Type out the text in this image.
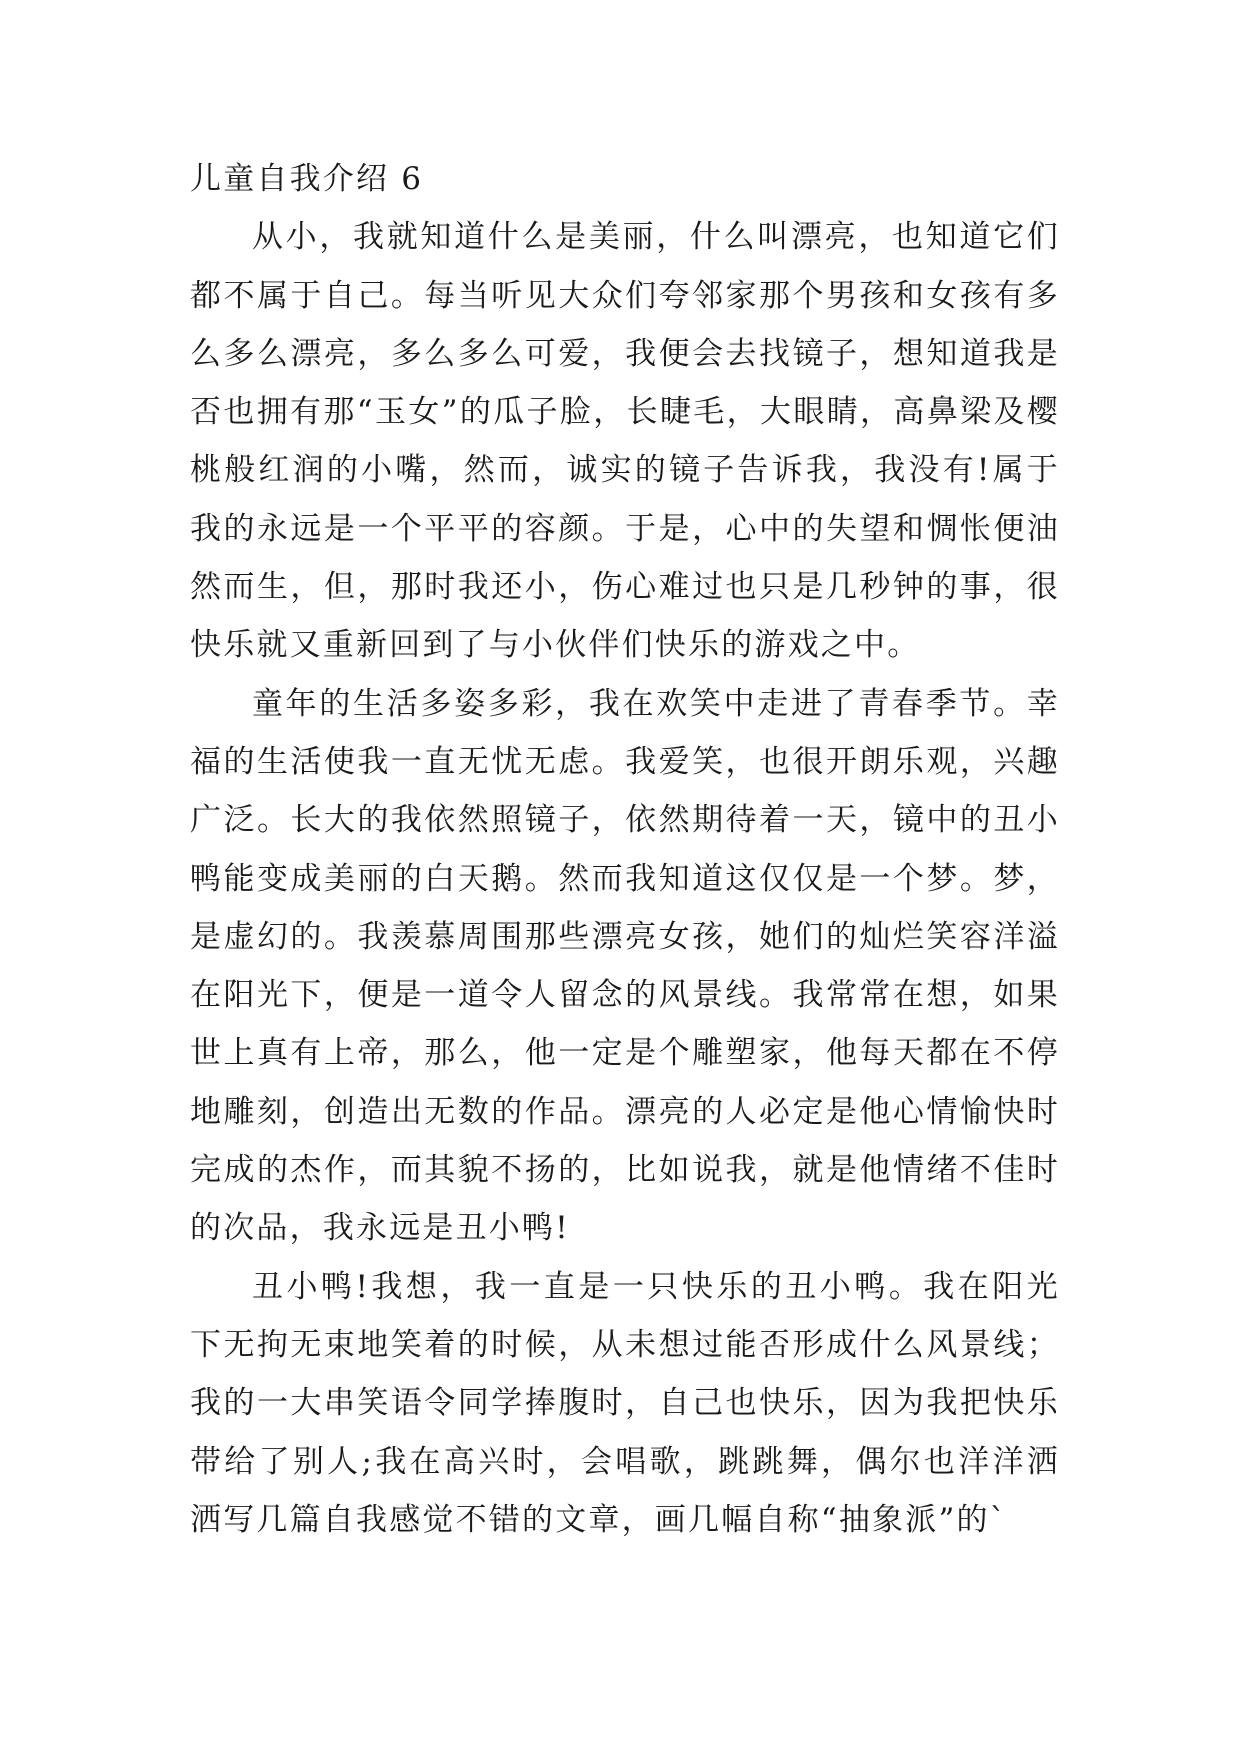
儿童自我介绍 6

从小，我就知道什么是美丽，什么叫漂亮，也知道它们都不属于自己。每当听见大众们夸邻家那个男孩和女孩有多么多么漂亮，多么多么可爱，我便会去找镜子，想知道我是否也拥有那“玉女”的瓜子脸，长睫毛，大眼睛，高鼻梁及樱桃般红润的小嘴，然而，诚实的镜子告诉我，我没有!属于我的永远是一个平平的容颜。于是，心中的失望和惆怅便油然而生，但，那时我还小，伤心难过也只是几秒钟的事，很快乐就又重新回到了与小伙伴们快乐的游戏之中。

童年的生活多姿多彩，我在欢笑中走进了青春季节。幸福的生活使我一直无忧无虑。我爱笑，也很开朗乐观，兴趣广泛。长大的我依然照镜子，依然期待着一天，镜中的丑小鸭能变成美丽的白天鹅。然而我知道这仅仅是一个梦。梦，是虚幻的。我羡慕周围那些漂亮女孩，她们的灿烂笑容洋溢在阳光下，便是一道令人留念的风景线。我常常在想，如果世上真有上帝，那么，他一定是个雕塑家，他每天都在不停地雕刻，创造出无数的作品。漂亮的人必定是他心情愉快时完成的杰作，而其貌不扬的，比如说我，就是他情绪不佳时的次品，我永远是丑小鸭!

丑小鸭!我想，我一直是一只快乐的丑小鸭。我在阳光下无拘无束地笑着的时候，从未想过能否形成什么风景线；我的一大串笑语令同学捧腹时，自己也快乐，因为我把快乐带给了别人;我在高兴时，会唱歌，跳跳舞，偶尔也洋洋洒洒写几篇自我感觉不错的文章，画几幅自称“抽象派”的`
